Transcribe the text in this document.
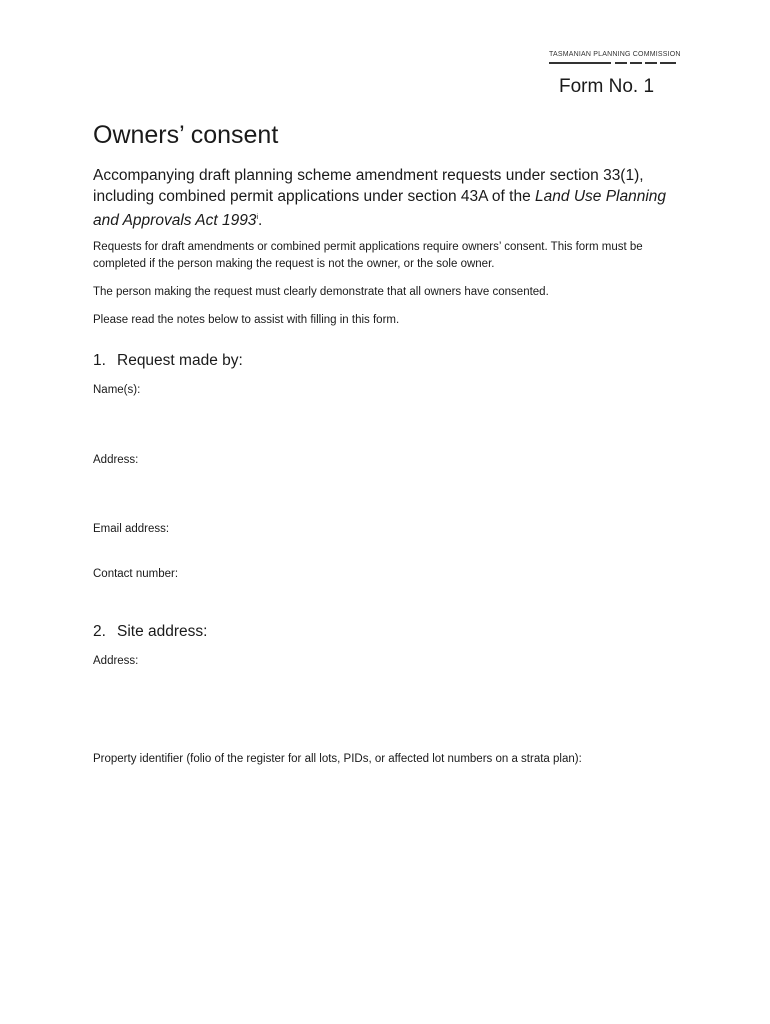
TASMANIAN PLANNING COMMISSION
Form No. 1
Owners’ consent
Accompanying draft planning scheme amendment requests under section 33(1), including combined permit applications under section 43A of the Land Use Planning and Approvals Act 1993$^i$.
Requests for draft amendments or combined permit applications require owners’ consent. This form must be completed if the person making the request is not the owner, or the sole owner.
The person making the request must clearly demonstrate that all owners have consented.
Please read the notes below to assist with filling in this form.
1. Request made by:
Name(s):
Address:
Email address:
Contact number:
2. Site address:
Address:
Property identifier (folio of the register for all lots, PIDs, or affected lot numbers on a strata plan):
